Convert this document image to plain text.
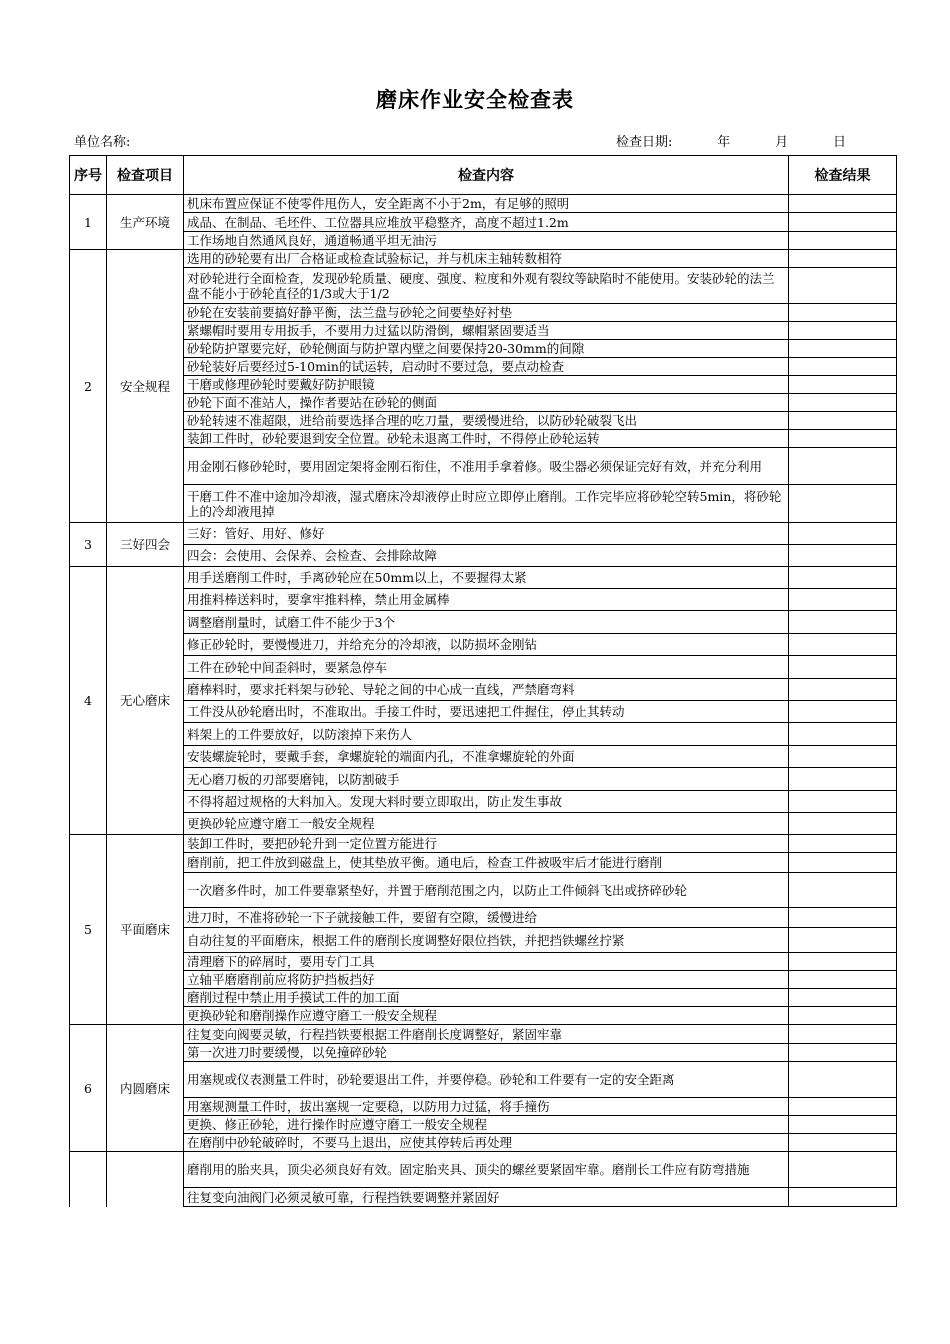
磨床作业安全检查表
单位名称:	检查日期:	年	月	日
序号	检查项目	检查内容	检查结果
1	生产环境	机床布置应保证不使零件甩伤人，安全距离不小于2m，有足够的照明	
		成品、在制品、毛坯件、工位器具应堆放平稳整齐，高度不超过1.2m	
		工作场地自然通风良好，通道畅通平坦无油污	
2	安全规程	选用的砂轮要有出厂合格证或检查试验标记，并与机床主轴转数相符	
		对砂轮进行全面检查，发现砂轮质量、硬度、强度、粒度和外观有裂纹等缺陷时不能使用。安装砂轮的法兰盘不能小于砂轮直径的1/3或大于1/2	
		砂轮在安装前要搞好静平衡，法兰盘与砂轮之间要垫好衬垫	
		紧螺帽时要用专用扳手，不要用力过猛以防滑倒，螺帽紧固要适当	
		砂轮防护罩要完好，砂轮侧面与防护罩内壁之间要保持20-30mm的间隙	
		砂轮装好后要经过5-10min的试运转，启动时不要过急，要点动检查	
		干磨或修理砂轮时要戴好防护眼镜	
		砂轮下面不准站人，操作者要站在砂轮的侧面	
		砂轮转速不准超限，进给前要选择合理的吃刀量，要缓慢进给，以防砂轮破裂飞出	
		装卸工件时，砂轮要退到安全位置。砂轮未退离工件时，不得停止砂轮运转	
		用金刚石修砂轮时，要用固定架将金刚石衔住，不准用手拿着修。吸尘器必须保证完好有效，并充分利用	
		干磨工件不准中途加冷却液，湿式磨床冷却液停止时应立即停止磨削。工作完毕应将砂轮空转5min，将砂轮上的冷却液甩掉	
3	三好四会	三好：管好、用好、修好	
		四会：会使用、会保养、会检查、会排除故障	
4	无心磨床	用手送磨削工件时，手离砂轮应在50mm以上，不要握得太紧	
		用推料棒送料时，要拿牢推料棒，禁止用金属棒	
		调整磨削量时，试磨工件不能少于3个	
		修正砂轮时，要慢慢进刀，并给充分的冷却液，以防损坏金刚钻	
		工件在砂轮中间歪斜时，要紧急停车	
		磨棒料时，要求托料架与砂轮、导轮之间的中心成一直线，严禁磨弯料	
		工件没从砂轮磨出时，不准取出。手接工件时，要迅速把工件握住，停止其转动	
		料架上的工件要放好，以防滚掉下来伤人	
		安装螺旋轮时，要戴手套，拿螺旋轮的端面内孔，不准拿螺旋轮的外面	
		无心磨刀板的刃部要磨钝，以防割破手	
		不得将超过规格的大料加入。发现大料时要立即取出，防止发生事故	
		更换砂轮应遵守磨工一般安全规程	
5	平面磨床	装卸工件时，要把砂轮升到一定位置方能进行	
		磨削前，把工件放到磁盘上，使其垫放平衡。通电后，检查工件被吸牢后才能进行磨削	
		一次磨多件时，加工件要靠紧垫好，并置于磨削范围之内，以防止工件倾斜飞出或挤碎砂轮	
		进刀时，不准将砂轮一下子就接触工件，要留有空隙，缓慢进给	
		自动往复的平面磨床，根据工件的磨削长度调整好限位挡铁，并把挡铁螺丝拧紧	
		清理磨下的碎屑时，要用专门工具	
		立轴平磨磨削前应将防护挡板挡好	
		磨削过程中禁止用手摸试工件的加工面	
		更换砂轮和磨削操作应遵守磨工一般安全规程	
6	内圆磨床	往复变向阀要灵敏，行程挡铁要根据工件磨削长度调整好，紧固牢靠	
		第一次进刀时要缓慢，以免撞碎砂轮	
		用塞规或仪表测量工件时，砂轮要退出工件，并要停稳。砂轮和工件要有一定的安全距离	
		用塞规测量工件时，拔出塞规一定要稳，以防用力过猛，将手撞伤	
		更换、修正砂轮，进行操作时应遵守磨工一般安全规程	
		在磨削中砂轮破碎时，不要马上退出，应使其停转后再处理	
		磨削用的胎夹具，顶尖必须良好有效。固定胎夹具、顶尖的螺丝要紧固牢靠。磨削长工件应有防弯措施	
		往复变向油阀门必须灵敏可靠，行程挡铁要调整并紧固好	
